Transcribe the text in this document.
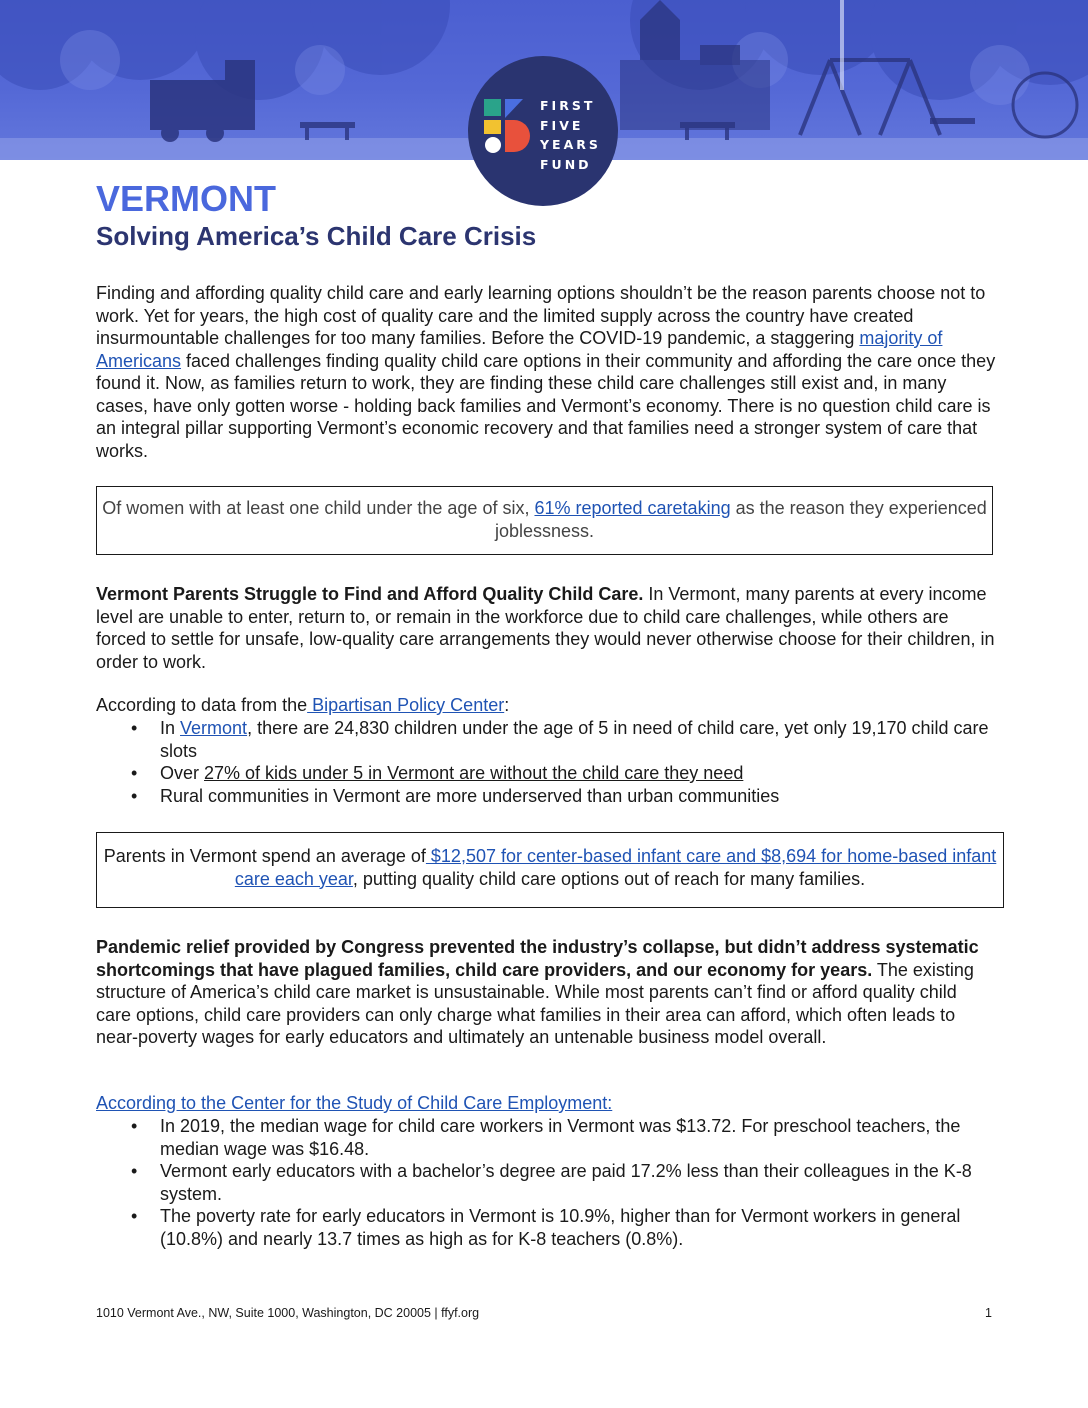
FIRST
FIVE
YEARS
FUND
VERMONT
Solving America’s Child Care Crisis

Finding and affording quality child care and early learning options shouldn’t be the reason parents choose not to work. Yet for years, the high cost of quality care and the limited supply across the country have created insurmountable challenges for too many families. Before the COVID-19 pandemic, a staggering majority of Americans faced challenges finding quality child care options in their community and affording the care once they found it. Now, as families return to work, they are finding these child care challenges still exist and, in many cases, have only gotten worse - holding back families and Vermont’s economy. There is no question child care is an integral pillar supporting Vermont’s economic recovery and that families need a stronger system of care that works.

Of women with at least one child under the age of six, 61% reported caretaking as the reason they experienced joblessness.

Vermont Parents Struggle to Find and Afford Quality Child Care. In Vermont, many parents at every income level are unable to enter, return to, or remain in the workforce due to child care challenges, while others are forced to settle for unsafe, low-quality care arrangements they would never otherwise choose for their children, in order to work.

According to data from the Bipartisan Policy Center:

• In Vermont, there are 24,830 children under the age of 5 in need of child care, yet only 19,170 child care slots
• Over 27% of kids under 5 in Vermont are without the child care they need
• Rural communities in Vermont are more underserved than urban communities
Parents in Vermont spend an average of $12,507 for center-based infant care and $8,694 for home-based infant care each year, putting quality child care options out of reach for many families.

Pandemic relief provided by Congress prevented the industry’s collapse, but didn’t address systematic shortcomings that have plagued families, child care providers, and our economy for years. The existing structure of America’s child care market is unsustainable. While most parents can’t find or afford quality child care options, child care providers can only charge what families in their area can afford, which often leads to near-poverty wages for early educators and ultimately an untenable business model overall.

According to the Center for the Study of Child Care Employment:

• In 2019, the median wage for child care workers in Vermont was $13.72. For preschool teachers, the median wage was $16.48.
• Vermont early educators with a bachelor’s degree are paid 17.2% less than their colleagues in the K-8 system.
• The poverty rate for early educators in Vermont is 10.9%, higher than for Vermont workers in general (10.8%) and nearly 13.7 times as high as for K-8 teachers (0.8%).
1010 Vermont Ave., NW, Suite 1000, Washington, DC 20005 | ffyf.org	1
